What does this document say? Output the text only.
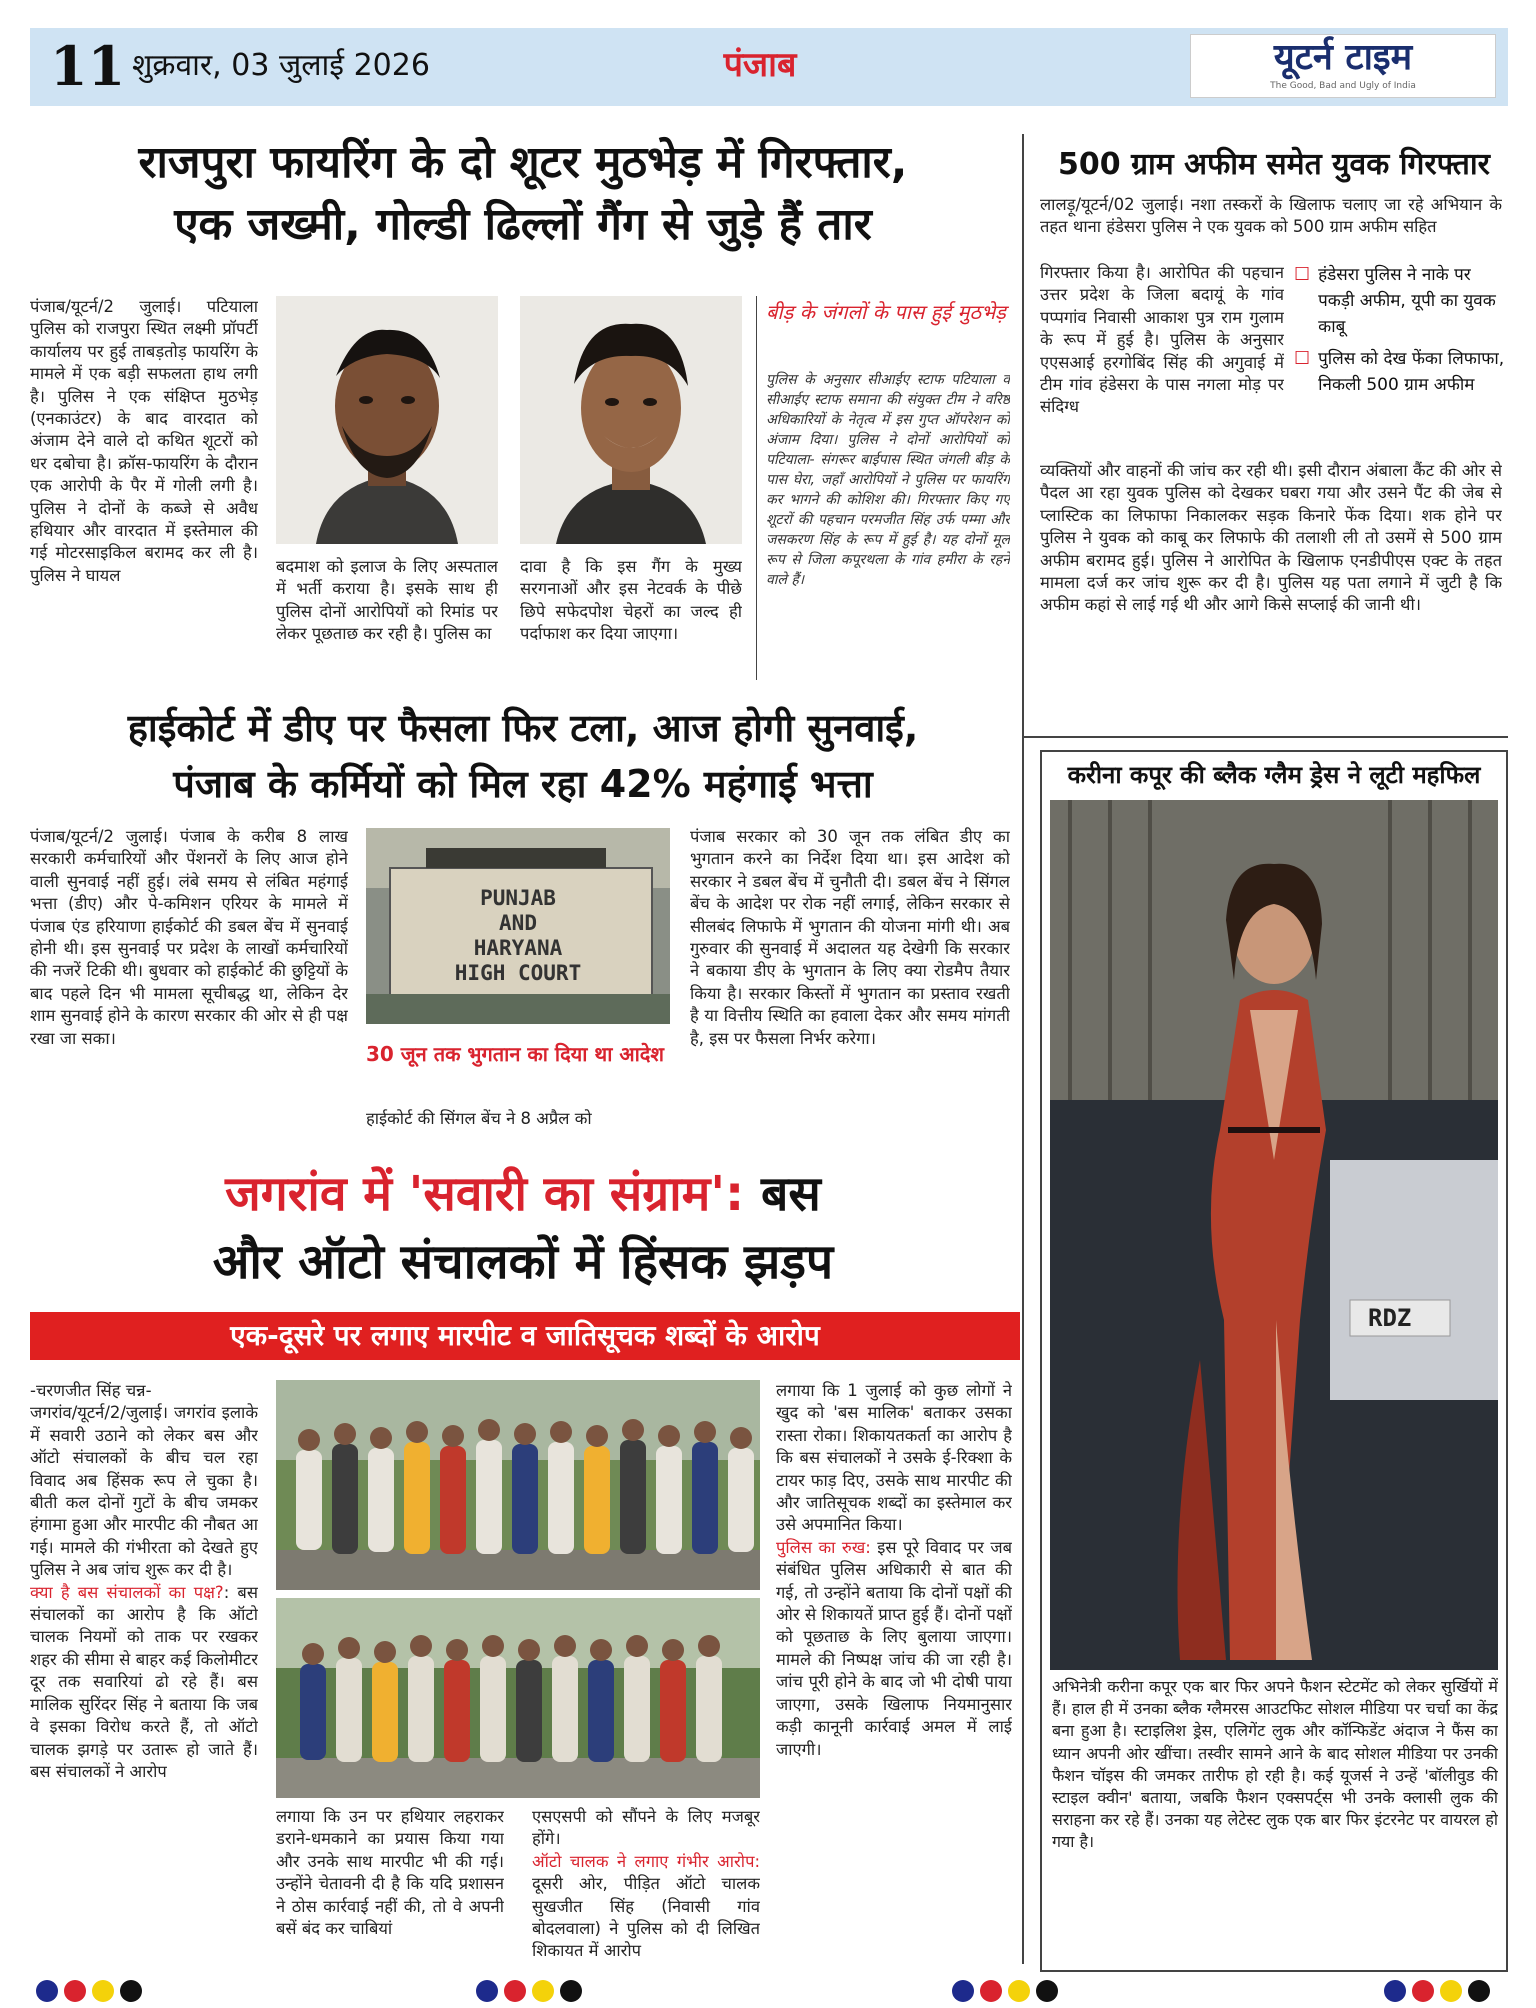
11 शुक्रवार, 03 जुलाई 2026	पंजाब	यूटर्न टाइम
The Good, Bad and Ugly of India
राजपुरा फायरिंग के दो शूटर मुठभेड़ में गिरफ्तार,
एक जख्मी, गोल्डी ढिल्लों गैंग से जुड़े हैं तार
पंजाब/यूटर्न/2 जुलाई। पटियाला पुलिस को राजपुरा स्थित लक्ष्मी प्रॉपर्टी कार्यालय पर हुई ताबड़तोड़ फायरिंग के मामले में एक बड़ी सफलता हाथ लगी है। पुलिस ने एक संक्षिप्त मुठभेड़ (एनकाउंटर) के बाद वारदात को अंजाम देने वाले दो कथित शूटरों को धर दबोचा है। क्रॉस-फायरिंग के दौरान एक आरोपी के पैर में गोली लगी है। पुलिस ने दोनों के कब्जे से अवैध हथियार और वारदात में इस्तेमाल की गई मोटरसाइकिल बरामद कर ली है। पुलिस ने घायल	बदमाश को इलाज के लिए अस्पताल में भर्ती कराया है। इसके साथ ही पुलिस दोनों आरोपियों को रिमांड पर लेकर पूछताछ कर रही है। पुलिस का
दावा है कि इस गैंग के मुख्य सरगनाओं और इस नेटवर्क के पीछे छिपे सफेदपोश चेहरों का जल्द ही पर्दाफाश कर दिया जाएगा।
बीड़ के जंगलों के पास हुई मुठभेड़
पुलिस के अनुसार सीआईए स्टाफ पटियाला व सीआईए स्टाफ समाना की संयुक्त टीम ने वरिष्ठ अधिकारियों के नेतृत्व में इस गुप्त ऑपरेशन को अंजाम दिया। पुलिस ने दोनों आरोपियों को पटियाला- संगरूर बाईपास स्थित जंगली बीड़ के पास घेरा, जहाँ आरोपियों ने पुलिस पर फायरिंग कर भागने की कोशिश की। गिरफ्तार किए गए शूटरों की पहचान परमजीत सिंह उर्फ पम्मा और जसकरण सिंह के रूप में हुई है। यह दोनों मूल रूप से जिला कपूरथला के गांव हमीरा के रहने वाले हैं।
500 ग्राम अफीम समेत युवक गिरफ्तार
लालड़ू/यूटर्न/02 जुलाई। नशा तस्करों के खिलाफ चलाए जा रहे अभियान के तहत थाना हंडेसरा पुलिस ने एक युवक को 500 ग्राम अफीम सहित
गिरफ्तार किया है। आरोपित की पहचान उत्तर प्रदेश के जिला बदायूं के गांव पप्पगांव निवासी आकाश पुत्र राम गुलाम के रूप में हुई है। पुलिस के अनुसार एएसआई हरगोबिंद सिंह की अगुवाई में टीम गांव हंडेसरा के पास नगला मोड़ पर संदिग्ध
☐ हंडेसरा पुलिस ने नाके पर पकड़ी अफीम, यूपी का युवक काबू
☐ पुलिस को देख फेंका लिफाफा, निकली 500 ग्राम अफीम
व्यक्तियों और वाहनों की जांच कर रही थी। इसी दौरान अंबाला कैंट की ओर से पैदल आ रहा युवक पुलिस को देखकर घबरा गया और उसने पैंट की जेब से प्लास्टिक का लिफाफा निकालकर सड़क किनारे फेंक दिया। शक होने पर पुलिस ने युवक को काबू कर लिफाफे की तलाशी ली तो उसमें से 500 ग्राम अफीम बरामद हुई। पुलिस ने आरोपित के खिलाफ एनडीपीएस एक्ट के तहत मामला दर्ज कर जांच शुरू कर दी है। पुलिस यह पता लगाने में जुटी है कि अफीम कहां से लाई गई थी और आगे किसे सप्लाई की जानी थी।
हाईकोर्ट में डीए पर फैसला फिर टला, आज होगी सुनवाई,
पंजाब के कर्मियों को मिल रहा 42% महंगाई भत्ता
पंजाब/यूटर्न/2 जुलाई। पंजाब के करीब 8 लाख सरकारी कर्मचारियों और पेंशनरों के लिए आज होने वाली सुनवाई नहीं हुई। लंबे समय से लंबित महंगाई भत्ता (डीए) और पे-कमिशन एरियर के मामले में पंजाब एंड हरियाणा हाईकोर्ट की डबल बेंच में सुनवाई होनी थी। इस सुनवाई पर प्रदेश के लाखों कर्मचारियों की नजरें टिकी थी। बुधवार को हाईकोर्ट की छुट्टियों के बाद पहले दिन भी मामला सूचीबद्ध था, लेकिन देर शाम सुनवाई होने के कारण सरकार की ओर से ही पक्ष रखा जा सका।
PUNJAB
AND
HARYANA
HIGH COURT
30 जून तक भुगतान का दिया था आदेश
हाईकोर्ट की सिंगल बेंच ने 8 अप्रैल को
पंजाब सरकार को 30 जून तक लंबित डीए का भुगतान करने का निर्देश दिया था। इस आदेश को सरकार ने डबल बेंच में चुनौती दी। डबल बेंच ने सिंगल बेंच के आदेश पर रोक नहीं लगाई, लेकिन सरकार से सीलबंद लिफाफे में भुगतान की योजना मांगी थी। अब गुरुवार की सुनवाई में अदालत यह देखेगी कि सरकार ने बकाया डीए के भुगतान के लिए क्या रोडमैप तैयार किया है। सरकार किस्तों में भुगतान का प्रस्ताव रखती है या वित्तीय स्थिति का हवाला देकर और समय मांगती है, इस पर फैसला निर्भर करेगा।
जगरांव में 'सवारी का संग्राम': बस
और ऑटो संचालकों में हिंसक झड़प
एक-दूसरे पर लगाए मारपीट व जातिसूचक शब्दों के आरोप
-चरणजीत सिंह चन्न-
जगरांव/यूटर्न/2/जुलाई। जगरांव इलाके में सवारी उठाने को लेकर बस और ऑटो संचालकों के बीच चल रहा विवाद अब हिंसक रूप ले चुका है। बीती कल दोनों गुटों के बीच जमकर हंगामा हुआ और मारपीट की नौबत आ गई। मामले की गंभीरता को देखते हुए पुलिस ने अब जांच शुरू कर दी है।
क्या है बस संचालकों का पक्ष?: बस संचालकों का आरोप है कि ऑटो चालक नियमों को ताक पर रखकर शहर की सीमा से बाहर कई किलोमीटर दूर तक सवारियां ढो रहे हैं। बस मालिक सुरिंदर सिंह ने बताया कि जब वे इसका विरोध करते हैं, तो ऑटो चालक झगड़े पर उतारू हो जाते हैं। बस संचालकों ने आरोप
लगाया कि उन पर हथियार लहराकर डराने-धमकाने का प्रयास किया गया और उनके साथ मारपीट भी की गई। उन्होंने चेतावनी दी है कि यदि प्रशासन ने ठोस कार्रवाई नहीं की, तो वे अपनी बसें बंद कर चाबियां
एसएसपी को सौंपने के लिए मजबूर होंगे।
ऑटो चालक ने लगाए गंभीर आरोप: दूसरी ओर, पीड़ित ऑटो चालक सुखजीत सिंह (निवासी गांव बोदलवाला) ने पुलिस को दी लिखित शिकायत में आरोप
लगाया कि 1 जुलाई को कुछ लोगों ने खुद को 'बस मालिक' बताकर उसका रास्ता रोका। शिकायतकर्ता का आरोप है कि बस संचालकों ने उसके ई-रिक्शा के टायर फाड़ दिए, उसके साथ मारपीट की और जातिसूचक शब्दों का इस्तेमाल कर उसे अपमानित किया।
पुलिस का रुख: इस पूरे विवाद पर जब संबंधित पुलिस अधिकारी से बात की गई, तो उन्होंने बताया कि दोनों पक्षों की ओर से शिकायतें प्राप्त हुई हैं। दोनों पक्षों को पूछताछ के लिए बुलाया जाएगा। मामले की निष्पक्ष जांच की जा रही है। जांच पूरी होने के बाद जो भी दोषी पाया जाएगा, उसके खिलाफ नियमानुसार कड़ी कानूनी कार्रवाई अमल में लाई जाएगी।
करीना कपूर की ब्लैक ग्लैम ड्रेस ने लूटी महफिल
RDZ
अभिनेत्री करीना कपूर एक बार फिर अपने फैशन स्टेटमेंट को लेकर सुर्खियों में हैं। हाल ही में उनका ब्लैक ग्लैमरस आउटफिट सोशल मीडिया पर चर्चा का केंद्र बना हुआ है। स्टाइलिश ड्रेस, एलिगेंट लुक और कॉन्फिडेंट अंदाज ने फैंस का ध्यान अपनी ओर खींचा। तस्वीर सामने आने के बाद सोशल मीडिया पर उनकी फैशन चॉइस की जमकर तारीफ हो रही है। कई यूजर्स ने उन्हें 'बॉलीवुड की स्टाइल क्वीन' बताया, जबकि फैशन एक्सपर्ट्स भी उनके क्लासी लुक की सराहना कर रहे हैं। उनका यह लेटेस्ट लुक एक बार फिर इंटरनेट पर वायरल हो गया है।
